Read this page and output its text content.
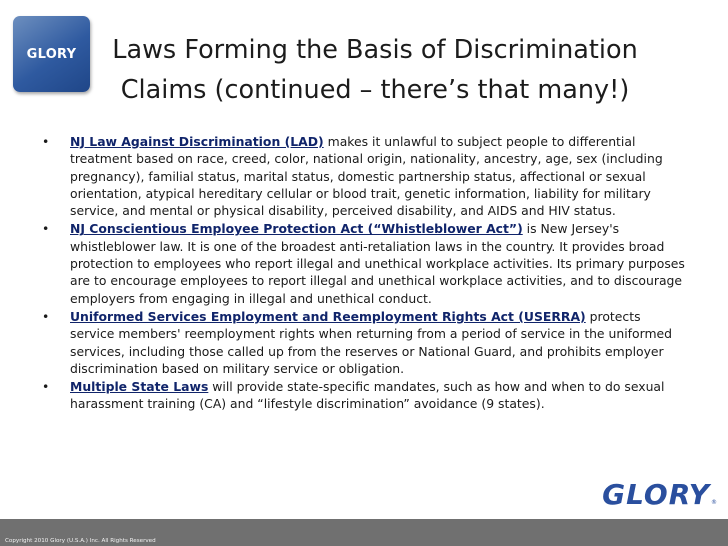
GLORY	Laws Forming the Basis of Discrimination
Claims (continued – there’s that many!)
• NJ Law Against Discrimination (LAD) makes it unlawful to subject people to differential treatment based on race, creed, color, national origin, nationality, ancestry, age, sex (including pregnancy), familial status, marital status, domestic partnership status, affectional or sexual orientation, atypical hereditary cellular or blood trait, genetic information, liability for military service, and mental or physical disability, perceived disability, and AIDS and HIV status.
• NJ Conscientious Employee Protection Act (“Whistleblower Act”) is New Jersey's whistleblower law. It is one of the broadest anti-retaliation laws in the country. It provides broad protection to employees who report illegal and unethical workplace activities. Its primary purposes are to encourage employees to report illegal and unethical workplace activities, and to discourage employers from engaging in illegal and unethical conduct.
• Uniformed Services Employment and Reemployment Rights Act (USERRA) protects service members' reemployment rights when returning from a period of service in the uniformed services, including those called up from the reserves or National Guard, and prohibits employer discrimination based on military service or obligation.
• Multiple State Laws will provide state-specific mandates, such as how and when to do sexual harassment training (CA) and “lifestyle discrimination” avoidance (9 states).
GLORY ®
Copyright 2010 Glory (U.S.A.) Inc. All Rights Reserved
